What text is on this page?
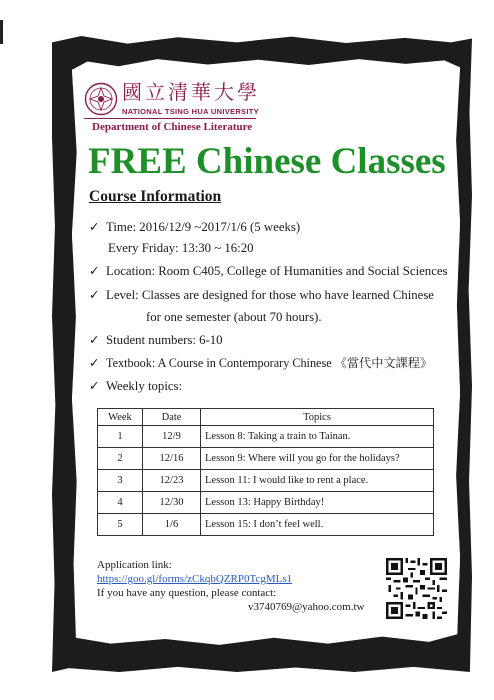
國立清華大學
NATIONAL TSING HUA UNIVERSITY
Department of Chinese Literature
FREE Chinese Classes
Course Information
✓ Time: 2016/12/9 ~2017/1/6 (5 weeks)
Every Friday: 13:30 ~ 16:20
✓ Location: Room C405, College of Humanities and Social Sciences
✓ Level: Classes are designed for those who have learned Chinese
for one semester (about 70 hours).
✓ Student numbers: 6-10
✓ Textbook: A Course in Contemporary Chinese 《當代中文課程》
✓ Weekly topics:
Week	Date	Topics
1	12/9	Lesson 8: Taking a train to Tainan.
2	12/16	Lesson 9: Where will you go for the holidays?
3	12/23	Lesson 11: I would like to rent a place.
4	12/30	Lesson 13: Happy Birthday!
5	1/6	Lesson 15: I don’t feel well.
Application link:
https://goo.gl/forms/zCkqbQZRP0TcgMLs1
If you have any question, please contact:
v3740769@yahoo.com.tw
